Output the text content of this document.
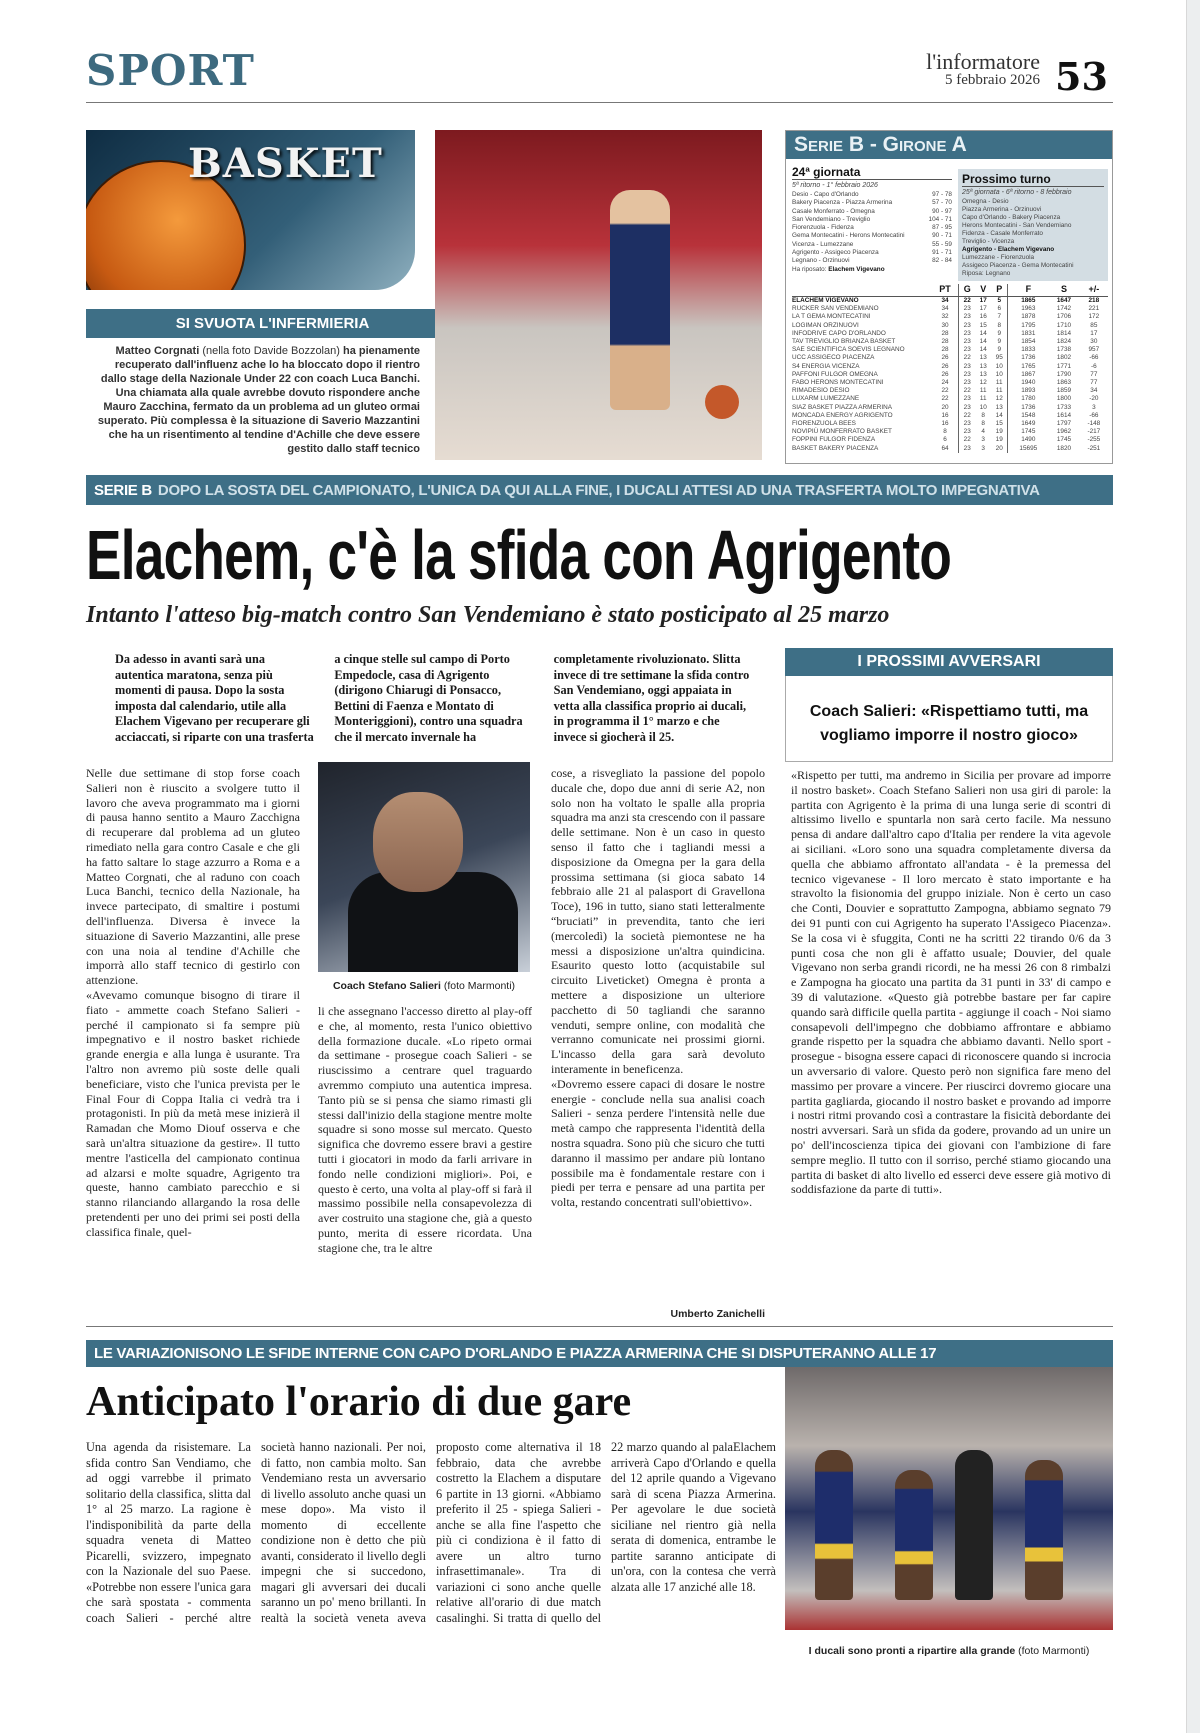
SPORT	l'informatore
5 febbraio 2026 53
BASKET
SI SVUOTA L'INFERMIERIA
Matteo Corgnati (nella foto Davide Bozzolan) ha pienamente recuperato dall'influenz ache lo ha bloccato dopo il rientro dallo stage della Nazionale Under 22 con coach Luca Banchi. Una chiamata alla quale avrebbe dovuto rispondere anche Mauro Zacchina, fermato da un problema ad un gluteo ormai superato. Più complessa è la situazione di Saverio Mazzantini che ha un risentimento al tendine d'Achille che deve essere gestito dallo staff tecnico
Serie B - Girone A
24ª giornata
5ª ritorno - 1° febbraio 2026
Desio - Capo d'Orlando	97 - 78
Bakery Piacenza - Piazza Armerina	57 - 70
Casale Monferrato - Omegna	90 - 97
San Vendemiano - Treviglio	104 - 71
Fiorenzuola - Fidenza	87 - 95
Gema Montecatini - Herons Montecatini	90 - 71
Vicenza - Lumezzane	55 - 59
Agrigento - Assigeco Piacenza	91 - 71
Legnano - Orzinuovi	82 - 84
Ha riposato: Elachem Vigevano
Prossimo turno
25ª giornata - 6ª ritorno - 8 febbraio
Omegna - Desio
Piazza Armerina - Orzinuovi
Capo d'Orlando - Bakery Piacenza
Herons Montecatini - San Vendemiano
Fidenza - Casale Monferrato
Treviglio - Vicenza
Agrigento - Elachem Vigevano
Lumezzane - Fiorenzuola
Assigeco Piacenza - Gema Montecatini
Riposa: Legnano
	PT	G	V	P	F	S	+/-
ELACHEM VIGEVANO	34	22	17	5	1865	1647	218
RUCKER SAN VENDEMIANO	34	23	17	6	1963	1742	221
LA T GEMA MONTECATINI	32	23	16	7	1878	1706	172
LOGIMAN ORZINUOVI	30	23	15	8	1795	1710	85
INFODRIVE CAPO D'ORLANDO	28	23	14	9	1831	1814	17
TAV TREVIGLIO BRIANZA BASKET	28	23	14	9	1854	1824	30
SAE SCIENTIFICA SOEVIS LEGNANO	28	23	14	9	1833	1738	957
UCC ASSIGECO PIACENZA	26	22	13	95	1736	1802	-66
S4 ENERGIA VICENZA	26	23	13	10	1765	1771	-6
PAFFONI FULGOR OMEGNA	26	23	13	10	1867	1790	77
FABO HERONS MONTECATINI	24	23	12	11	1940	1863	77
RIMADESIO DESIO	22	22	11	11	1893	1859	34
LUXARM LUMEZZANE	22	23	11	12	1780	1800	-20
SIAZ BASKET PIAZZA ARMERINA	20	23	10	13	1736	1733	3
MONCADA ENERGY AGRIGENTO	16	22	8	14	1548	1614	-66
FIORENZUOLA BEES	16	23	8	15	1649	1797	-148
NOVIPIÙ MONFERRATO BASKET	8	23	4	19	1745	1962	-217
FOPPINI FULGOR FIDENZA	6	22	3	19	1490	1745	-255
BASKET BAKERY PIACENZA	64	23	3	20	15695	1820	-251
SERIE B DOPO LA SOSTA DEL CAMPIONATO, L'UNICA DA QUI ALLA FINE, I DUCALI ATTESI AD UNA TRASFERTA MOLTO IMPEGNATIVA
Elachem, c'è la sfida con Agrigento
Intanto l'atteso big-match contro San Vendemiano è stato posticipato al 25 marzo
Da adesso in avanti sarà una autentica maratona, senza più momenti di pausa. Dopo la sosta imposta dal calendario, utile alla Elachem Vigevano per recuperare gli acciaccati, si riparte con una trasferta a cinque stelle sul campo di Porto Empedocle, casa di Agrigento (dirigono Chiarugi di Ponsacco, Bettini di Faenza e Montato di Monteriggioni), contro una squadra che il mercato invernale ha completamente rivoluzionato. Slitta invece di tre settimane la sfida contro San Vendemiano, oggi appaiata in vetta alla classifica proprio ai ducali, in programma il 1° marzo e che invece si giocherà il 25.

Nelle due settimane di stop forse coach Salieri non è riuscito a svolgere tutto il lavoro che aveva programmato ma i giorni di pausa hanno sentito a Mauro Zacchigna di recuperare dal problema ad un gluteo rimediato nella gara contro Casale e che gli ha fatto saltare lo stage azzurro a Roma e a Matteo Corgnati, che al raduno con coach Luca Banchi, tecnico della Nazionale, ha invece partecipato, di smaltire i postumi dell'influenza. Diversa è invece la situazione di Saverio Mazzantini, alle prese con una noia al tendine d'Achille che imporrà allo staff tecnico di gestirlo con attenzione.

«Avevamo comunque bisogno di tirare il fiato - ammette coach Stefano Salieri - perché il campionato si fa sempre più impegnativo e il nostro basket richiede grande energia e alla lunga è usurante. Tra l'altro non avremo più soste delle quali beneficiare, visto che l'unica prevista per le Final Four di Coppa Italia ci vedrà tra i protagonisti. In più da metà mese inizierà il Ramadan che Momo Diouf osserva e che sarà un'altra situazione da gestire». Il tutto mentre l'asticella del campionato continua ad alzarsi e molte squadre, Agrigento tra queste, hanno cambiato parecchio e si stanno rilanciando allargando la rosa delle pretendenti per uno dei primi sei posti della classifica finale, quel-

Coach Stefano Salieri (foto Marmonti)
li che assegnano l'accesso diretto al play-off e che, al momento, resta l'unico obiettivo della formazione ducale. «Lo ripeto ormai da settimane - prosegue coach Salieri - se riuscissimo a centrare quel traguardo avremmo compiuto una autentica impresa. Tanto più se si pensa che siamo rimasti gli stessi dall'inizio della stagione mentre molte squadre si sono mosse sul mercato. Questo significa che dovremo essere bravi a gestire tutti i giocatori in modo da farli arrivare in fondo nelle condizioni migliori». Poi, e questo è certo, una volta al play-off si farà il massimo possibile nella consapevolezza di aver costruito una stagione che, già a questo punto, merita di essere ricordata. Una stagione che, tra le altre

cose, a risvegliato la passione del popolo ducale che, dopo due anni di serie A2, non solo non ha voltato le spalle alla propria squadra ma anzi sta crescendo con il passare delle settimane. Non è un caso in questo senso il fatto che i tagliandi messi a disposizione da Omegna per la gara della prossima settimana (si gioca sabato 14 febbraio alle 21 al palasport di Gravellona Toce), 196 in tutto, siano stati letteralmente “bruciati” in prevendita, tanto che ieri (mercoledì) la società piemontese ne ha messi a disposizione un'altra quindicina. Esaurito questo lotto (acquistabile sul circuito Liveticket) Omegna è pronta a mettere a disposizione un ulteriore pacchetto di 50 tagliandi che saranno venduti, sempre online, con modalità che verranno comunicate nei prossimi giorni. L'incasso della gara sarà devoluto interamente in beneficenza.

«Dovremo essere capaci di dosare le nostre energie - conclude nella sua analisi coach Salieri - senza perdere l'intensità nelle due metà campo che rappresenta l'identità della nostra squadra. Sono più che sicuro che tutti daranno il massimo per andare più lontano possibile ma è fondamentale restare con i piedi per terra e pensare ad una partita per volta, restando concentrati sull'obiettivo».

Umberto Zanichelli
I PROSSIMI AVVERSARI
Coach Salieri: «Rispettiamo tutti, ma vogliamo imporre il nostro gioco»
«Rispetto per tutti, ma andremo in Sicilia per provare ad imporre il nostro basket». Coach Stefano Salieri non usa giri di parole: la partita con Agrigento è la prima di una lunga serie di scontri di altissimo livello e spuntarla non sarà certo facile. Ma nessuno pensa di andare dall'altro capo d'Italia per rendere la vita agevole ai siciliani. «Loro sono una squadra completamente diversa da quella che abbiamo affrontato all'andata - è la premessa del tecnico vigevanese - Il loro mercato è stato importante e ha stravolto la fisionomia del gruppo iniziale. Non è certo un caso che Conti, Douvier e soprattutto Zampogna, abbiamo segnato 79 dei 91 punti con cui Agrigento ha superato l'Assigeco Piacenza». Se la cosa vi è sfuggita, Conti ne ha scritti 22 tirando 0/6 da 3 punti cosa che non gli è affatto usuale; Douvier, del quale Vigevano non serba grandi ricordi, ne ha messi 26 con 8 rimbalzi e Zampogna ha giocato una partita da 31 punti in 33' di campo e 39 di valutazione. «Questo già potrebbe bastare per far capire quando sarà difficile quella partita - aggiunge il coach - Noi siamo consapevoli dell'impegno che dobbiamo affrontare e abbiamo grande rispetto per la squadra che abbiamo davanti. Nello sport - prosegue - bisogna essere capaci di riconoscere quando si incrocia un avversario di valore. Questo però non significa fare meno del massimo per provare a vincere. Per riuscirci dovremo giocare una partita gagliarda, giocando il nostro basket e provando ad imporre i nostri ritmi provando così a contrastare la fisicità debordante dei nostri avversari. Sarà un sfida da godere, provando ad un unire un po' dell'incoscienza tipica dei giovani con l'ambizione di fare sempre meglio. Il tutto con il sorriso, perché stiamo giocando una partita di basket di alto livello ed esserci deve essere già motivo di soddisfazione da parte di tutti».
LE VARIAZIONI SONO LE SFIDE INTERNE CON CAPO D'ORLANDO E PIAZZA ARMERINA CHE SI DISPUTERANNO ALLE 17
Anticipato l'orario di due gare
Una agenda da risistemare. La sfida contro San Vendiamo, che ad oggi varrebbe il primato solitario della classifica, slitta dal 1° al 25 marzo. La ragione è l'indisponibilità da parte della squadra veneta di Matteo Picarelli, svizzero, impegnato con la Nazionale del suo Paese. «Potrebbe non essere l'unica gara che sarà spostata - commenta coach Salieri - perché altre società hanno nazionali. Per noi, di fatto, non cambia molto. San Vendemiano resta un avversario di livello assoluto anche quasi un mese dopo». Ma visto il momento di eccellente condizione non è detto che più avanti, considerato il livello degli impegni che si succedono, magari gli avversari dei ducali saranno un po' meno brillanti. In realtà la società veneta aveva proposto come alternativa il 18 febbraio, data che avrebbe costretto la Elachem a disputare 6 partite in 13 giorni. «Abbiamo preferito il 25 - spiega Salieri - anche se alla fine l'aspetto che più ci condiziona è il fatto di avere un altro turno infrasettimanale». Tra di variazioni ci sono anche quelle relative all'orario di due match casalinghi. Si tratta di quello del 22 marzo quando al palaElachem arriverà Capo d'Orlando e quella del 12 aprile quando a Vigevano sarà di scena Piazza Armerina. Per agevolare le due società siciliane nel rientro già nella serata di domenica, entrambe le partite saranno anticipate di un'ora, con la contesa che verrà alzata alle 17 anziché alle 18.
I ducali sono pronti a ripartire alla grande (foto Marmonti)
